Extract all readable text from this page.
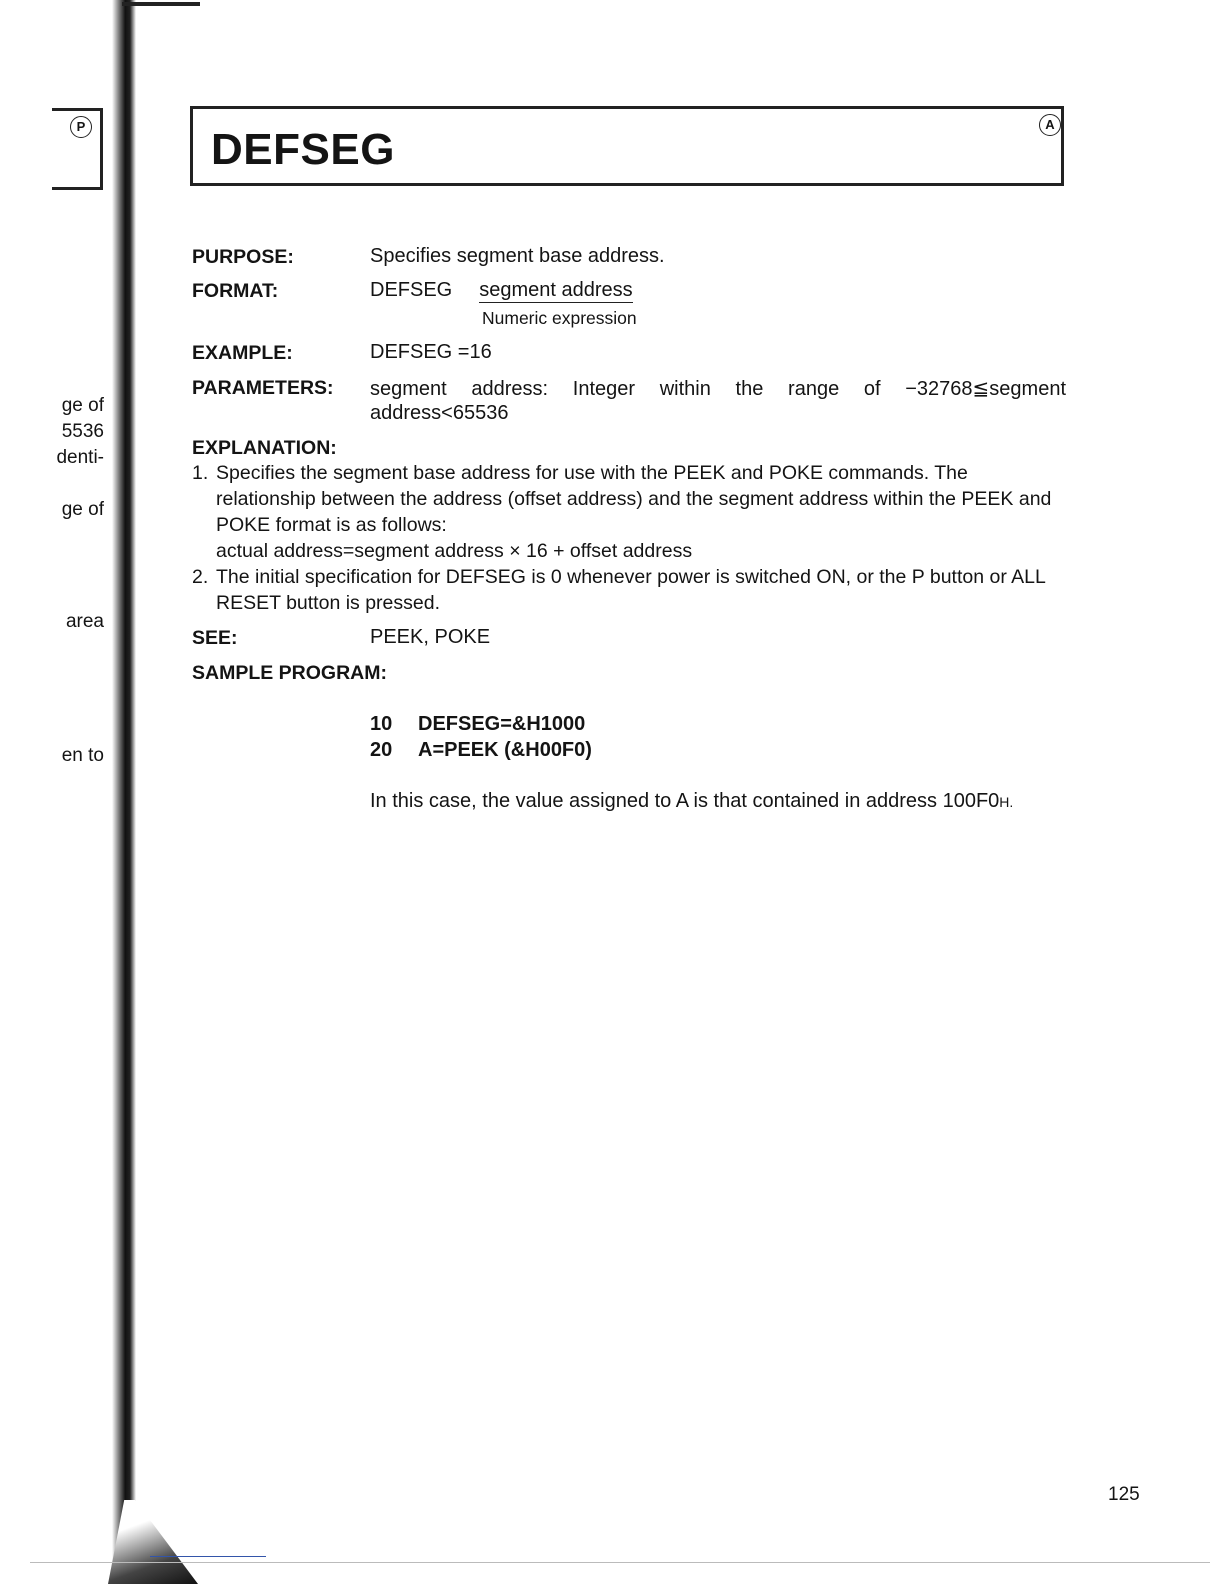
P
ge of
5536
denti-
ge of
area
en to
DEFSEG
A
PURPOSE:	Specifies segment base address.
FORMAT:	DEFSEG segment address
Numeric expression
EXAMPLE:	DEFSEG =16
PARAMETERS: segment address: Integer within the range of −32768≦segment
address<65536
EXPLANATION:
1. Specifies the segment base address for use with the PEEK and POKE commands. The relationship between the address (offset address) and the segment address within the PEEK and POKE format is as follows:
actual address=segment address × 16 + offset address
2. The initial specification for DEFSEG is 0 whenever power is switched ON, or the P button or ALL RESET button is pressed.
SEE:	PEEK, POKE
SAMPLE PROGRAM:
10 DEFSEG=&H1000
20 A=PEEK (&H00F0)
In this case, the value assigned to A is that contained in address 100F0H.
125
